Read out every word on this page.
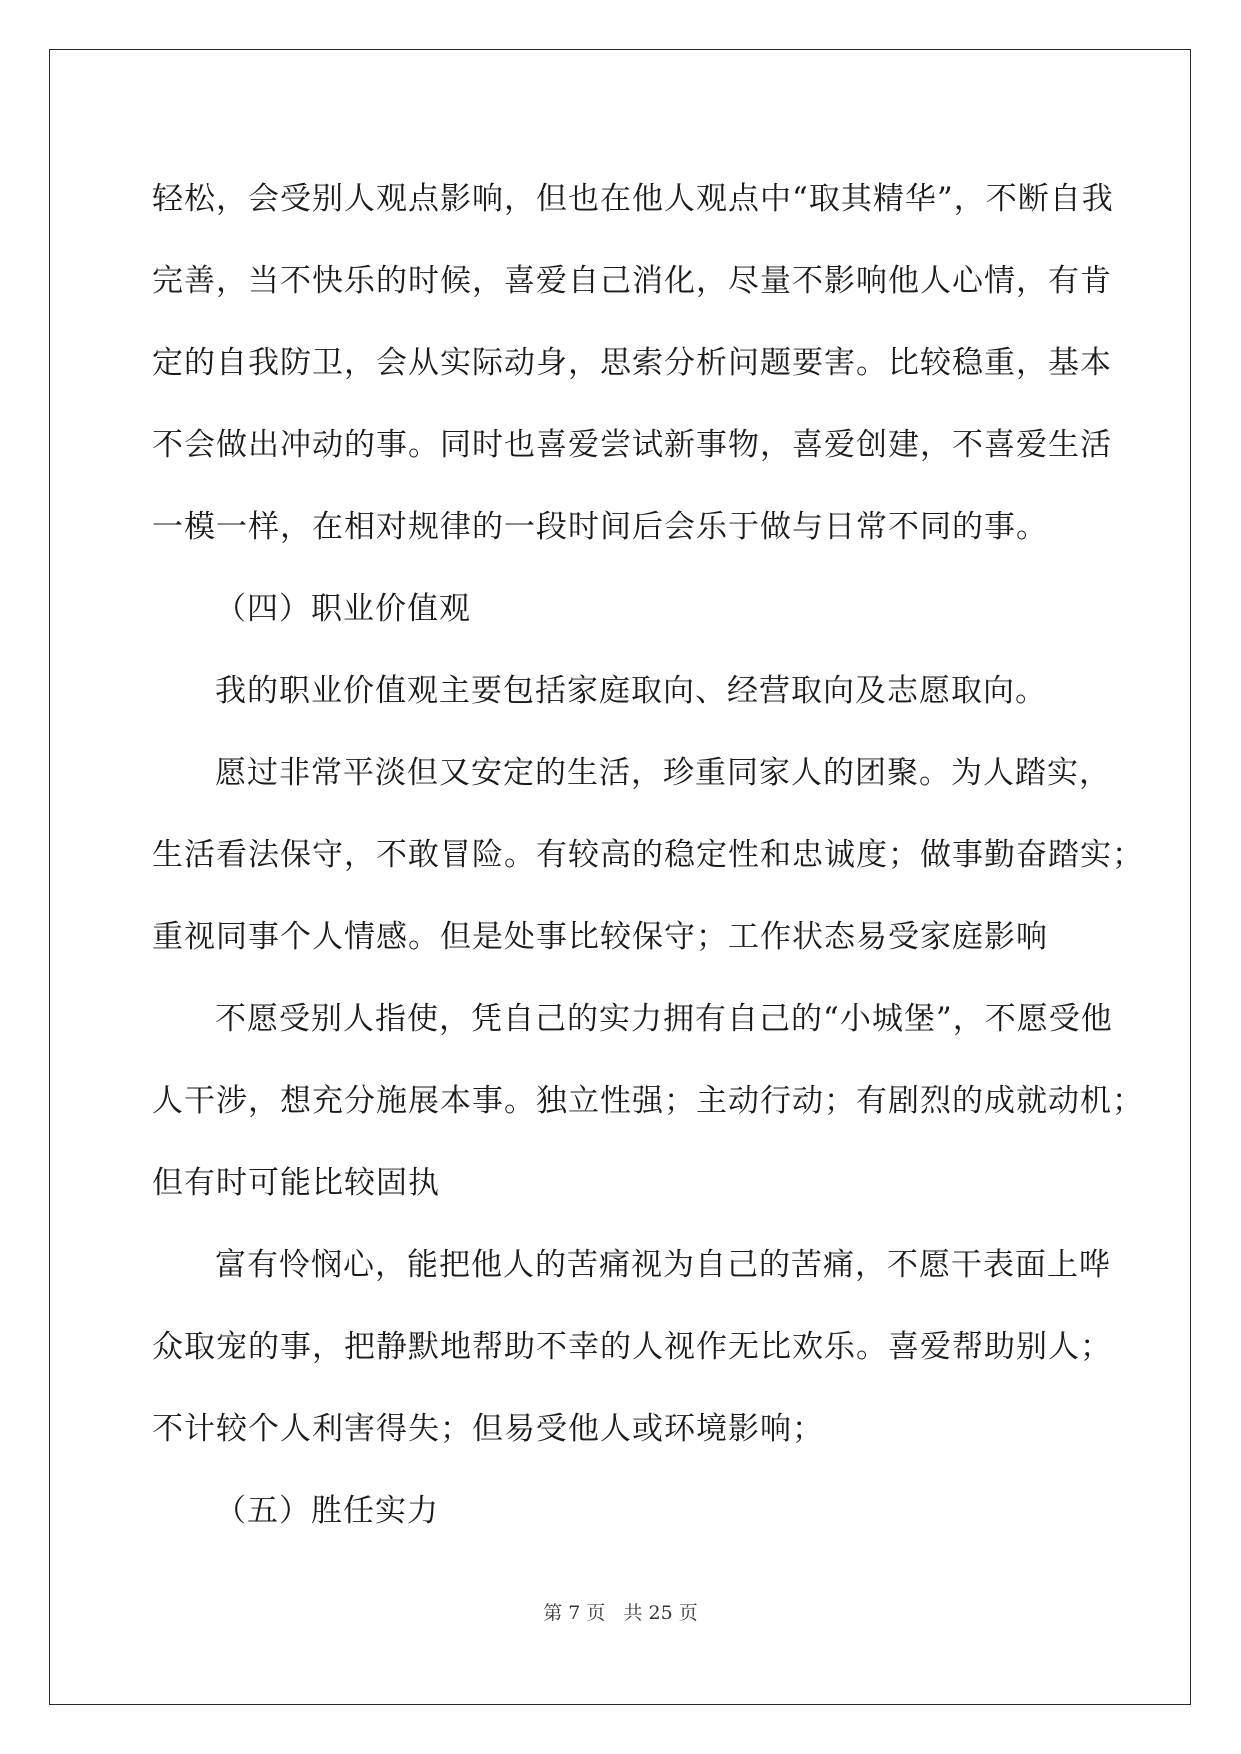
轻松，会受别人观点影响，但也在他人观点中“取其精华”，不断自我
完善，当不快乐的时候，喜爱自己消化，尽量不影响他人心情，有肯
定的自我防卫，会从实际动身，思索分析问题要害。比较稳重，基本
不会做出冲动的事。同时也喜爱尝试新事物，喜爱创建，不喜爱生活
一模一样，在相对规律的一段时间后会乐于做与日常不同的事。
（四）职业价值观
我的职业价值观主要包括家庭取向、经营取向及志愿取向。
愿过非常平淡但又安定的生活，珍重同家人的团聚。为人踏实，
生活看法保守，不敢冒险。有较高的稳定性和忠诚度；做事勤奋踏实；
重视同事个人情感。但是处事比较保守；工作状态易受家庭影响
不愿受别人指使，凭自己的实力拥有自己的“小城堡”，不愿受他
人干涉，想充分施展本事。独立性强；主动行动；有剧烈的成就动机；
但有时可能比较固执
富有怜悯心，能把他人的苦痛视为自己的苦痛，不愿干表面上哗
众取宠的事，把静默地帮助不幸的人视作无比欢乐。喜爱帮助别人；
不计较个人利害得失；但易受他人或环境影响；
（五）胜任实力
第 7 页 共 25 页
